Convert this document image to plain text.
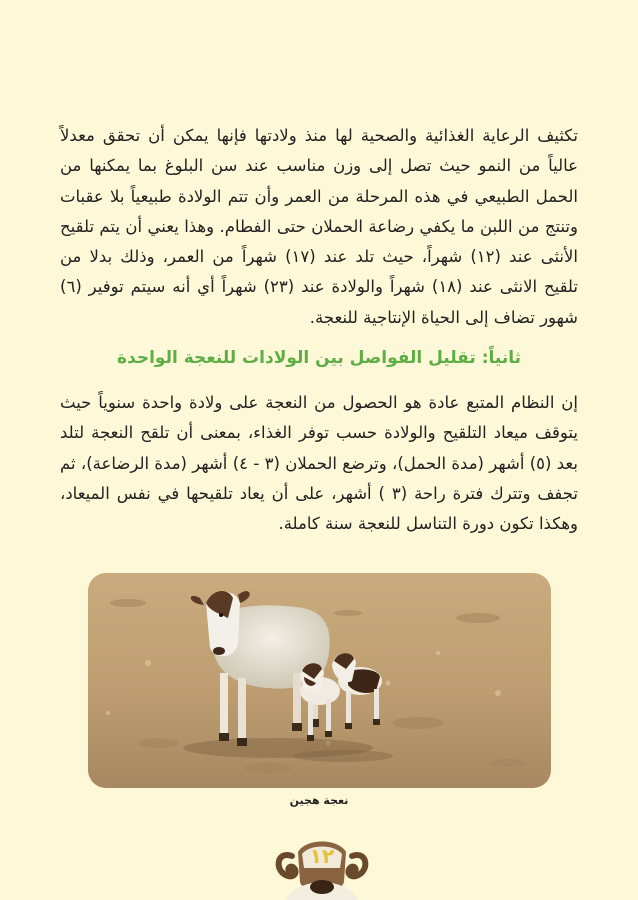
تكثيف الرعاية الغذائية والصحية لها منذ ولادتها فإنها يمكن أن تحقق معدلاً عالياً من النمو حيث تصل إلى وزن مناسب عند سن البلوغ بما يمكنها من الحمل الطبيعي في هذه المرحلة من العمر وأن تتم الولادة طبيعياً بلا عقبات وتنتج من اللبن ما يكفي رضاعة الحملان حتى الفطام. وهذا يعني أن يتم تلقيح الأنثى عند (١٢) شهراً، حيث تلد عند (١٧) شهراً من العمر، وذلك بدلا من تلقيح الانثى عند (١٨) شهراً والولادة عند (٢٣) شهراً أي أنه سيتم توفير (٦) شهور تضاف إلى الحياة الإنتاجية للنعجة.

ثانياً: تقليل الفواصل بين الولادات للنعجة الواحدة

إن النظام المتبع عادة هو الحصول من النعجة على ولادة واحدة سنوياً حيث يتوقف ميعاد التلقيح والولادة حسب توفر الغذاء، بمعنى أن تلقح النعجة لتلد بعد (٥) أشهر (مدة الحمل)، وترضع الحملان (٣ - ٤) أشهر (مدة الرضاعة)، ثم تجفف وتترك فترة راحة (٣ ) أشهر، على أن يعاد تلقيحها في نفس الميعاد، وهكذا تكون دورة التناسل للنعجة سنة كاملة.

نعجة هجين
١٢
